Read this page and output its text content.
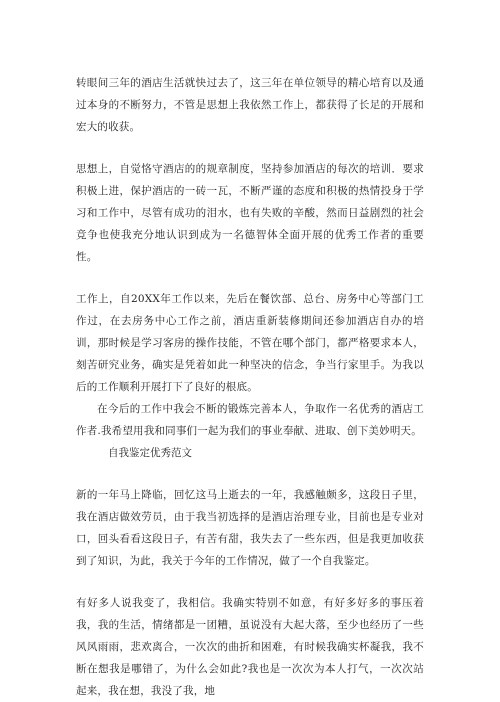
转眼间三年的酒店生活就快过去了，这三年在单位领导的精心培育以及通过本身的不断努力，不管是思想上我依然工作上，都获得了长足的开展和宏大的收获。

思想上，自觉恪守酒店的的规章制度，坚持参加酒店的每次的培训．要求积极上进，保护酒店的一砖一瓦，不断严谨的态度和积极的热情投身于学习和工作中，尽管有成功的泪水，也有失败的辛酸，然而日益剧烈的社会竞争也使我充分地认识到成为一名德智体全面开展的优秀工作者的重要性。

工作上，自20XX年工作以来，先后在餐饮部、总台、房务中心等部门工作过，在去房务中心工作之前，酒店重新装修期间还参加酒店自办的培训，那时候是学习客房的操作技能，不管在哪个部门，都严格要求本人，刻苦研究业务，确实是凭着如此一种坚决的信念，争当行家里手。为我以后的工作顺利开展打下了良好的根底。

在今后的工作中我会不断的锻炼完善本人，争取作一名优秀的酒店工作者.我希望用我和同事们一起为我们的事业奉献、进取、创下美妙明天。

自我鉴定优秀范文

新的一年马上降临，回忆这马上逝去的一年，我感触颇多，这段日子里，我在酒店做效劳员，由于我当初选择的是酒店治理专业，目前也是专业对口，回头看看这段日子，有苦有甜，我失去了一些东西，但是我更加收获到了知识，为此，我关于今年的工作情况，做了一个自我鉴定。

有好多人说我变了，我相信。我确实特别不如意，有好多好多的事压着我，我的生活，情绪都是一团糟，虽说没有大起大落，至少也经历了一些风风雨雨，悲欢离合，一次次的曲折和困难，有时候我确实杯凝我，我不断在想我是哪错了，为什么会如此?我也是一次次为本人打气，一次次站起来，我在想，我没了我，地
